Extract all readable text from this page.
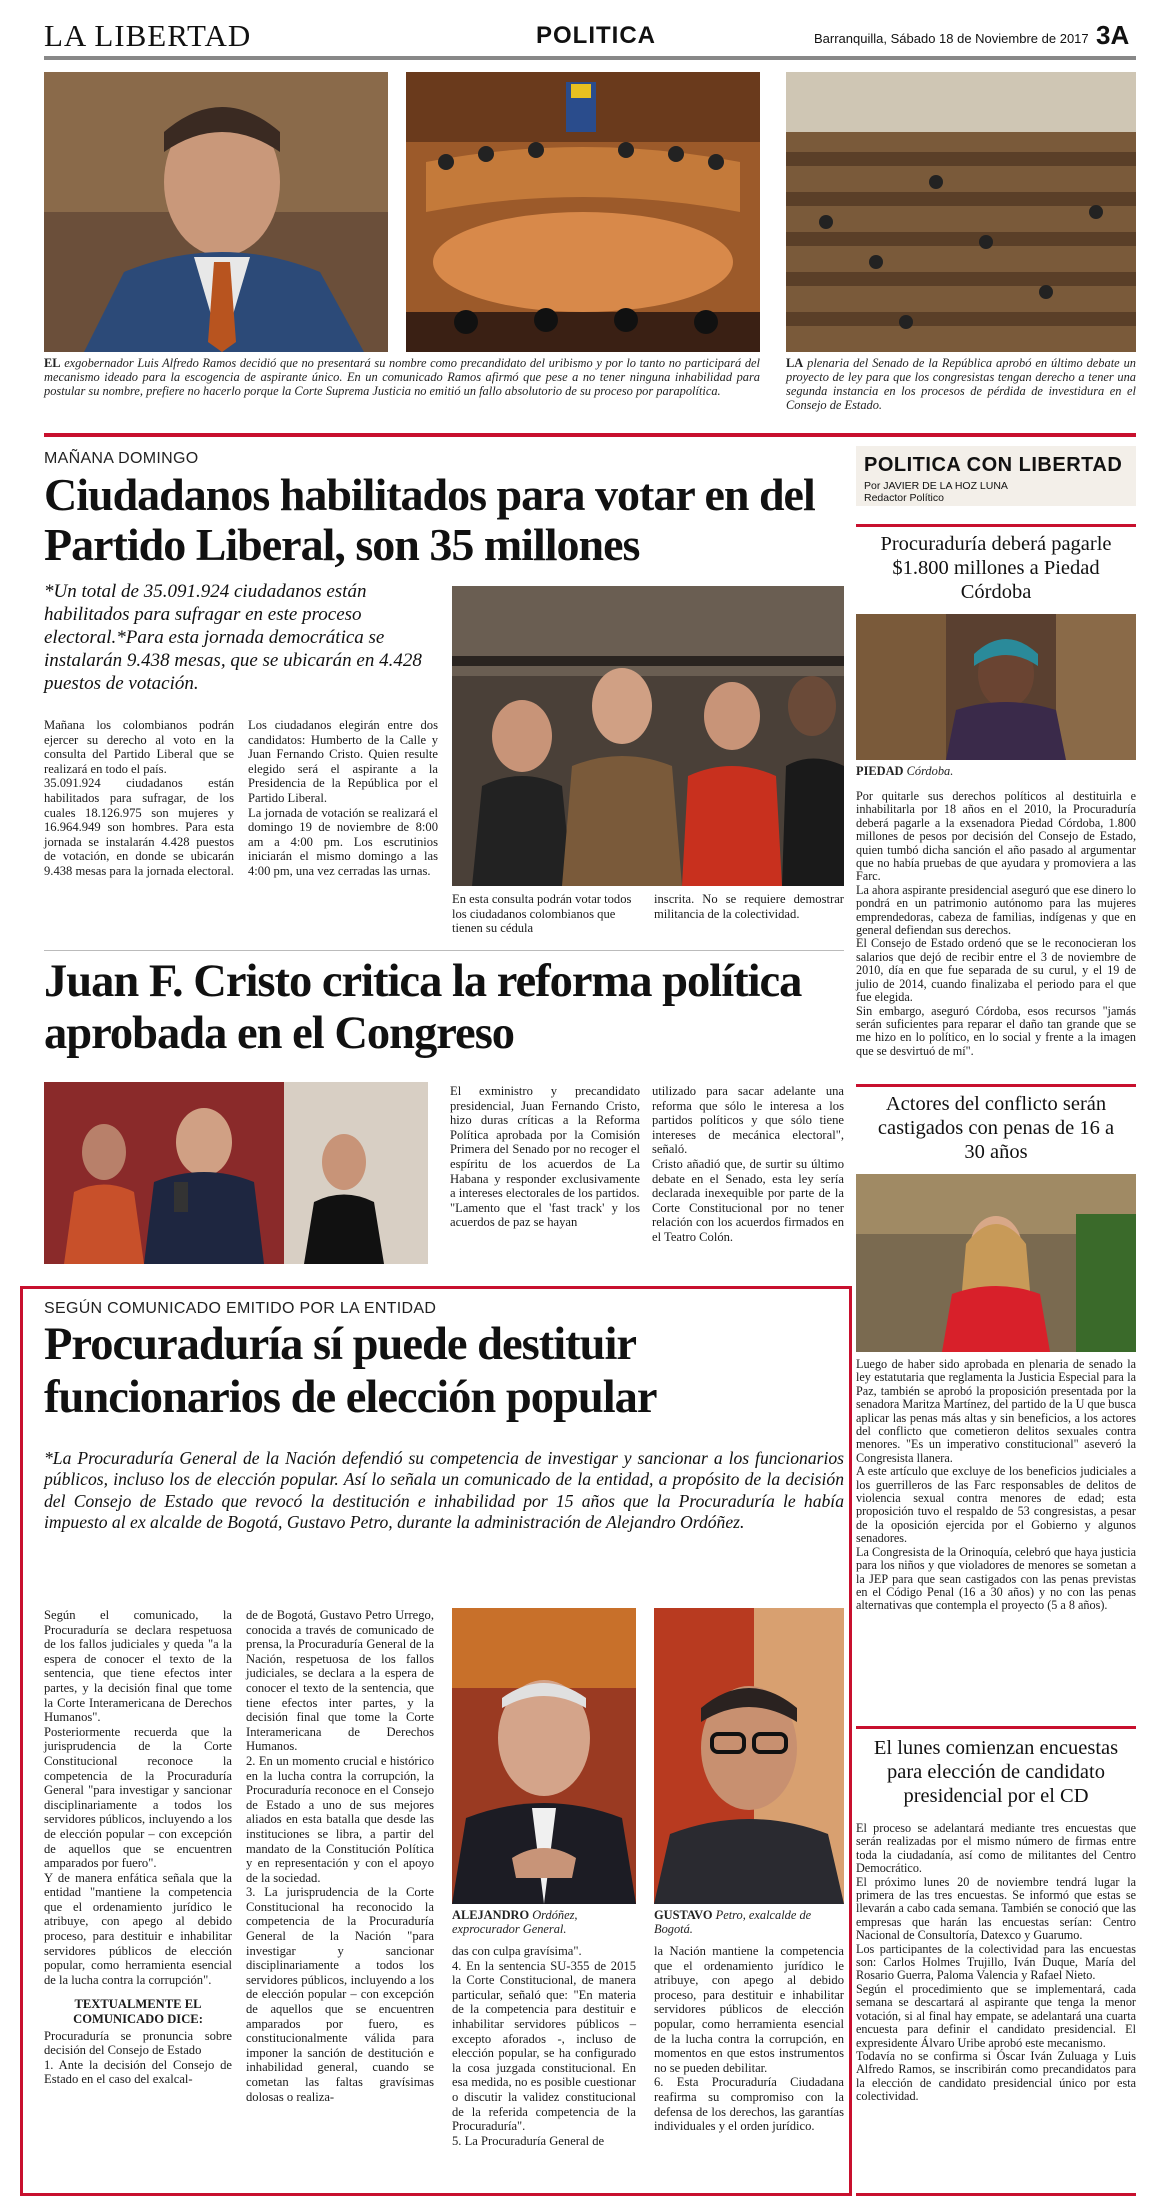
LA LIBERTAD	POLITICA	Barranquilla, Sábado 18 de Noviembre de 2017 3A
EL exgobernador Luis Alfredo Ramos decidió que no presentará su nombre como precandidato del uribismo y por lo tanto no participará del mecanismo ideado para la escogencia de aspirante único. En un comunicado Ramos afirmó que pese a no tener ninguna inhabilidad para postular su nombre, prefiere no hacerlo porque la Corte Suprema Justicia no emitió un fallo absolutorio de su proceso por parapolítica.
LA plenaria del Senado de la República aprobó en último debate un proyecto de ley para que los congresistas tengan derecho a tener una segunda instancia en los procesos de pérdida de investidura en el Consejo de Estado.
MAÑANA DOMINGO
Ciudadanos habilitados para votar en del Partido Liberal, son 35 millones
*Un total de 35.091.924 ciudadanos están habilitados para sufragar en este proceso electoral.*Para esta jornada democrática se instalarán 9.438 mesas, que se ubicarán en 4.428 puestos de votación.

Mañana los colombianos podrán ejercer su derecho al voto en la consulta del Partido Liberal que se realizará en todo el país.

35.091.924 ciudadanos están habilitados para sufragar, de los cuales 18.126.975 son mujeres y 16.964.949 son hombres. Para esta jornada se instalarán 4.428 puestos de votación, en donde se ubicarán 9.438 mesas para la jornada electoral.

Los ciudadanos elegirán entre dos candidatos: Humberto de la Calle y Juan Fernando Cristo. Quien resulte elegido será el aspirante a la Presidencia de la República por el Partido Liberal.

La jornada de votación se realizará el domingo 19 de noviembre de 8:00 am a 4:00 pm. Los escrutinios iniciarán el mismo domingo a las 4:00 pm, una vez cerradas las urnas.

En esta consulta podrán votar todos los ciudadanos colombianos que tienen su cédula
inscrita. No se requiere demostrar militancia de la colectividad.
Juan F. Cristo critica la reforma política aprobada en el Congreso

El exministro y precandidato presidencial, Juan Fernando Cristo, hizo duras críticas a la Reforma Política aprobada por la Comisión Primera del Senado por no recoger el espíritu de los acuerdos de La Habana y responder exclusivamente a intereses electorales de los partidos.

"Lamento que el 'fast track' y los acuerdos de paz se hayan

utilizado para sacar adelante una reforma que sólo le interesa a los partidos políticos y que sólo tiene intereses de mecánica electoral", señaló.

Cristo añadió que, de surtir su último debate en el Senado, esta ley sería declarada inexequible por parte de la Corte Constitucional por no tener relación con los acuerdos firmados en el Teatro Colón.

SEGÚN COMUNICADO EMITIDO POR LA ENTIDAD
Procuraduría sí puede destituir funcionarios de elección popular
*La Procuraduría General de la Nación defendió su competencia de investigar y sancionar a los funcionarios públicos, incluso los de elección popular. Así lo señala un comunicado de la entidad, a propósito de la decisión del Consejo de Estado que revocó la destitución e inhabilidad por 15 años que la Procuraduría le había impuesto al ex alcalde de Bogotá, Gustavo Petro, durante la administración de Alejandro Ordóñez.

Según el comunicado, la Procuraduría se declara respetuosa de los fallos judiciales y queda "a la espera de conocer el texto de la sentencia, que tiene efectos inter partes, y la decisión final que tome la Corte Interamericana de Derechos Humanos".

Posteriormente recuerda que la jurisprudencia de la Corte Constitucional reconoce la competencia de la Procuraduría General "para investigar y sancionar disciplinariamente a todos los servidores públicos, incluyendo a los de elección popular – con excepción de aquellos que se encuentren amparados por fuero".

Y de manera enfática señala que la entidad "mantiene la competencia que el ordenamiento jurídico le atribuye, con apego al debido proceso, para destituir e inhabilitar servidores públicos de elección popular, como herramienta esencial de la lucha contra la corrupción".

TEXTUALMENTE EL COMUNICADO DICE:

Procuraduría se pronuncia sobre decisión del Consejo de Estado

1. Ante la decisión del Consejo de Estado en el caso del exalcal-

de de Bogotá, Gustavo Petro Urrego, conocida a través de comunicado de prensa, la Procuraduría General de la Nación, respetuosa de los fallos judiciales, se declara a la espera de conocer el texto de la sentencia, que tiene efectos inter partes, y la decisión final que tome la Corte Interamericana de Derechos Humanos.

2. En un momento crucial e histórico en la lucha contra la corrupción, la Procuraduría reconoce en el Consejo de Estado a uno de sus mejores aliados en esta batalla que desde las instituciones se libra, a partir del mandato de la Constitución Política y en representación y con el apoyo de la sociedad.

3. La jurisprudencia de la Corte Constitucional ha reconocido la competencia de la Procuraduría General de la Nación "para investigar y sancionar disciplinariamente a todos los servidores públicos, incluyendo a los de elección popular – con excepción de aquellos que se encuentren amparados por fuero, es constitucionalmente válida para imponer la sanción de destitución e inhabilidad general, cuando se cometan las faltas gravísimas dolosas o realiza-

ALEJANDRO Ordóñez, exprocurador General.
GUSTAVO Petro, exalcalde de Bogotá.

das con culpa gravísima".

4. En la sentencia SU-355 de 2015 la Corte Constitucional, de manera particular, señaló que: "En materia de la competencia para destituir e inhabilitar servidores públicos – excepto aforados -, incluso de elección popular, se ha configurado la cosa juzgada constitucional. En esa medida, no es posible cuestionar o discutir la validez constitucional de la referida competencia de la Procuraduría".

5. La Procuraduría General de

la Nación mantiene la competencia que el ordenamiento jurídico le atribuye, con apego al debido proceso, para destituir e inhabilitar servidores públicos de elección popular, como herramienta esencial de la lucha contra la corrupción, en momentos en que estos instrumentos no se pueden debilitar.

6. Esta Procuraduría Ciudadana reafirma su compromiso con la defensa de los derechos, las garantías individuales y el orden jurídico.

POLITICA CON LIBERTAD
Por JAVIER DE LA HOZ LUNA
Redactor Político
Procuraduría deberá pagarle $1.800 millones a Piedad Córdoba
PIEDAD Córdoba.

Por quitarle sus derechos políticos al destituirla e inhabilitarla por 18 años en el 2010, la Procuraduría deberá pagarle a la exsenadora Piedad Córdoba, 1.800 millones de pesos por decisión del Consejo de Estado, quien tumbó dicha sanción el año pasado al argumentar que no había pruebas de que ayudara y promoviera a las Farc.

La ahora aspirante presidencial aseguró que ese dinero lo pondrá en un patrimonio autónomo para las mujeres emprendedoras, cabeza de familias, indígenas y que en general defiendan sus derechos.

El Consejo de Estado ordenó que se le reconocieran los salarios que dejó de recibir entre el 3 de noviembre de 2010, día en que fue separada de su curul, y el 19 de julio de 2014, cuando finalizaba el periodo para el que fue elegida.

Sin embargo, aseguró Córdoba, esos recursos "jamás serán suficientes para reparar el daño tan grande que se me hizo en lo político, en lo social y frente a la imagen que se desvirtuó de mí".

Actores del conflicto serán castigados con penas de 16 a 30 años

Luego de haber sido aprobada en plenaria de senado la ley estatutaria que reglamenta la Justicia Especial para la Paz, también se aprobó la proposición presentada por la senadora Maritza Martínez, del partido de la U que busca aplicar las penas más altas y sin beneficios, a los actores del conflicto que cometieron delitos sexuales contra menores. "Es un imperativo constitucional" aseveró la Congresista llanera.

A este artículo que excluye de los beneficios judiciales a los guerrilleros de las Farc responsables de delitos de violencia sexual contra menores de edad; esta proposición tuvo el respaldo de 53 congresistas, a pesar de la oposición ejercida por el Gobierno y algunos senadores.

La Congresista de la Orinoquía, celebró que haya justicia para los niños y que violadores de menores se sometan a la JEP para que sean castigados con las penas previstas en el Código Penal (16 a 30 años) y no con las penas alternativas que contempla el proyecto (5 a 8 años).

El lunes comienzan encuestas para elección de candidato presidencial por el CD

El proceso se adelantará mediante tres encuestas que serán realizadas por el mismo número de firmas entre toda la ciudadanía, así como de militantes del Centro Democrático.

El próximo lunes 20 de noviembre tendrá lugar la primera de las tres encuestas. Se informó que estas se llevarán a cabo cada semana. También se conoció que las empresas que harán las encuestas serían: Centro Nacional de Consultoría, Datexco y Guarumo.

Los participantes de la colectividad para las encuestas son: Carlos Holmes Trujillo, Iván Duque, María del Rosario Guerra, Paloma Valencia y Rafael Nieto.

Según el procedimiento que se implementará, cada semana se descartará al aspirante que tenga la menor votación, si al final hay empate, se adelantará una cuarta encuesta para definir el candidato presidencial. El expresidente Álvaro Uribe aprobó este mecanismo.

Todavía no se confirma si Óscar Iván Zuluaga y Luis Alfredo Ramos, se inscribirán como precandidatos para la elección de candidato presidencial único por esta colectividad.
